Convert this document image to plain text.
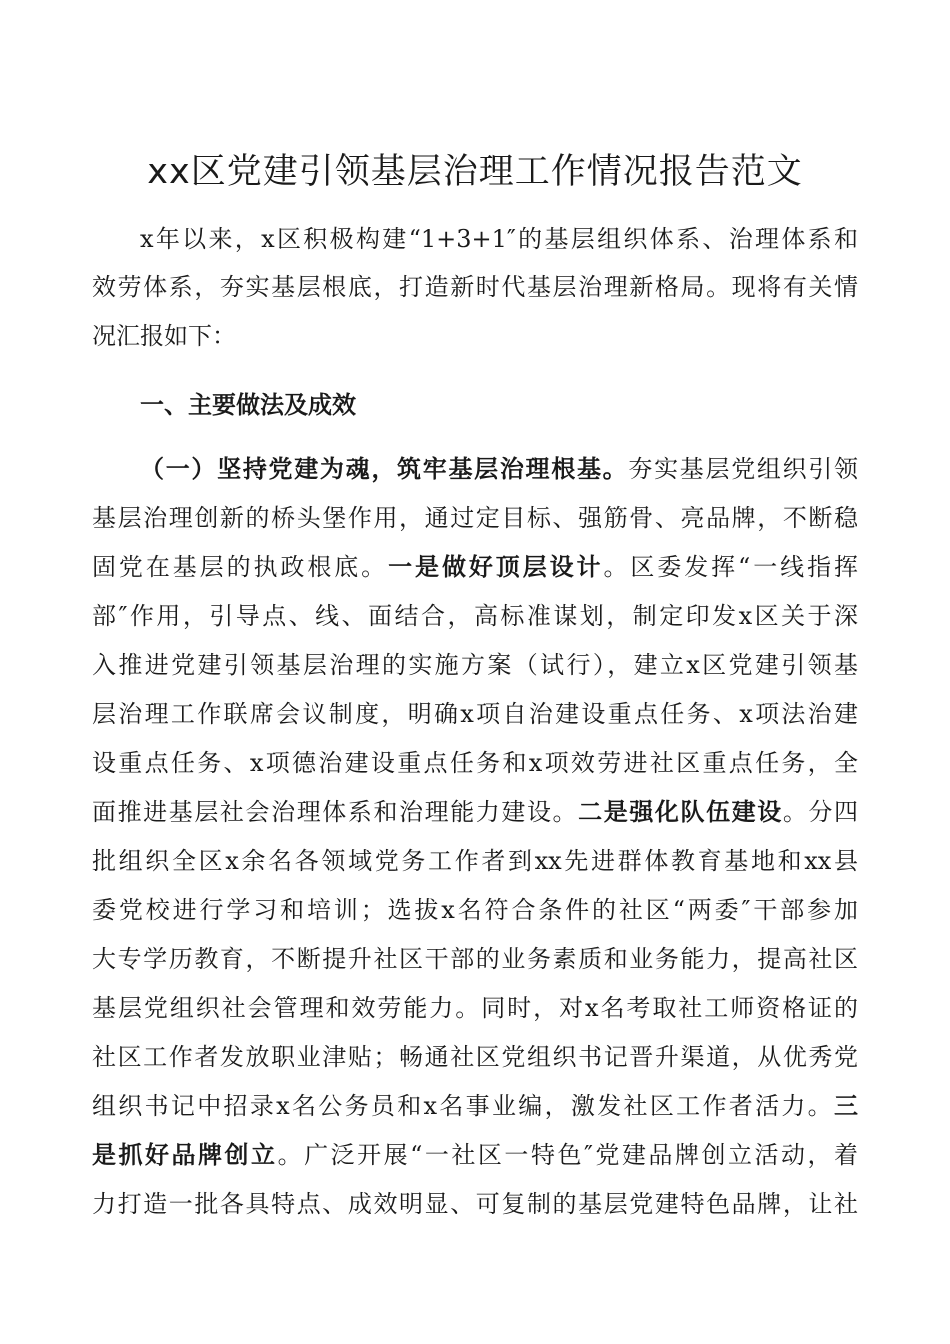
xx区党建引领基层治理工作情况报告范文
x年以来，x区积极构建“1+3+1″的基层组织体系、治理体系和
效劳体系，夯实基层根底，打造新时代基层治理新格局。现将有关情
况汇报如下：
一、主要做法及成效
（一）坚持党建为魂，筑牢基层治理根基。夯实基层党组织引领
基层治理创新的桥头堡作用，通过定目标、强筋骨、亮品牌，不断稳
固党在基层的执政根底。一是做好顶层设计。区委发挥“一线指挥
部″作用，引导点、线、面结合，高标准谋划，制定印发x区关于深
入推进党建引领基层治理的实施方案（试行），建立x区党建引领基
层治理工作联席会议制度，明确x项自治建设重点任务、x项法治建
设重点任务、x项德治建设重点任务和x项效劳进社区重点任务，全
面推进基层社会治理体系和治理能力建设。二是强化队伍建设。分四
批组织全区x余名各领域党务工作者到xx先进群体教育基地和xx县
委党校进行学习和培训；选拔x名符合条件的社区“两委″干部参加
大专学历教育，不断提升社区干部的业务素质和业务能力，提高社区
基层党组织社会管理和效劳能力。同时，对x名考取社工师资格证的
社区工作者发放职业津贴；畅通社区党组织书记晋升渠道，从优秀党
组织书记中招录x名公务员和x名事业编，激发社区工作者活力。三
是抓好品牌创立。广泛开展“一社区一特色″党建品牌创立活动，着
力打造一批各具特点、成效明显、可复制的基层党建特色品牌，让社
